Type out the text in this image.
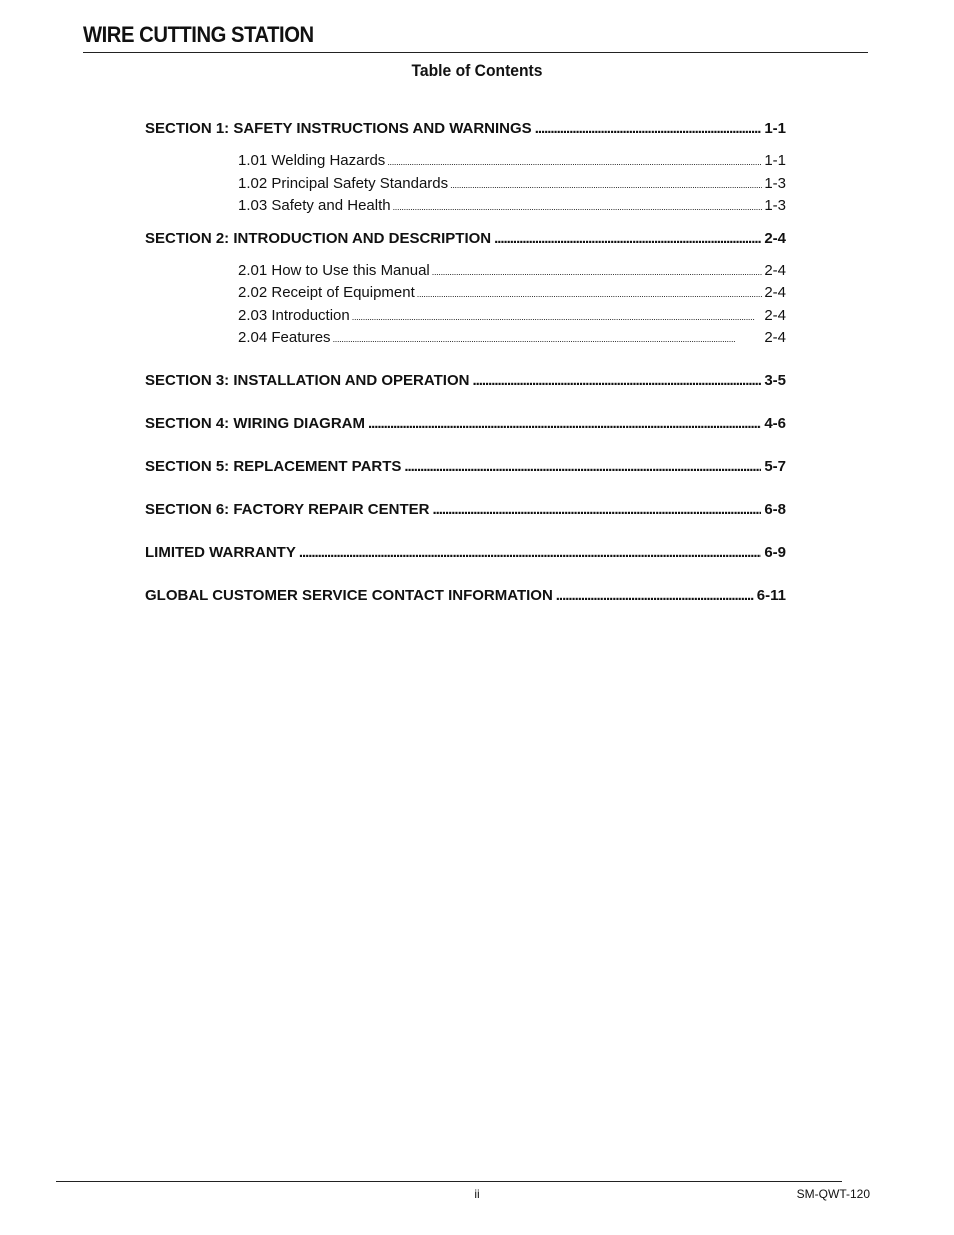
WIRE CUTTING STATION
Table of Contents
SECTION 1: SAFETY INSTRUCTIONS AND WARNINGS . . .	1-1
1.01 Welding Hazards . . .	1-1
1.02 Principal Safety Standards . . .	1-3
1.03 Safety and Health . . .	1-3
SECTION 2: INTRODUCTION AND DESCRIPTION . . .	2-4
2.01 How to Use this Manual . . .	2-4
2.02 Receipt of Equipment . . .	2-4
2.03 Introduction . . .	2-4
2.04 Features . . .	2-4
SECTION 3: INSTALLATION AND OPERATION . . .	3-5
SECTION 4: WIRING DIAGRAM . . .	4-6
SECTION 5: REPLACEMENT PARTS . . .	5-7
SECTION 6: FACTORY REPAIR CENTER . . .	6-8
LIMITED WARRANTY . . .	6-9
GLOBAL CUSTOMER SERVICE CONTACT INFORMATION . . .	6-11
ii	SM-QWT-120
